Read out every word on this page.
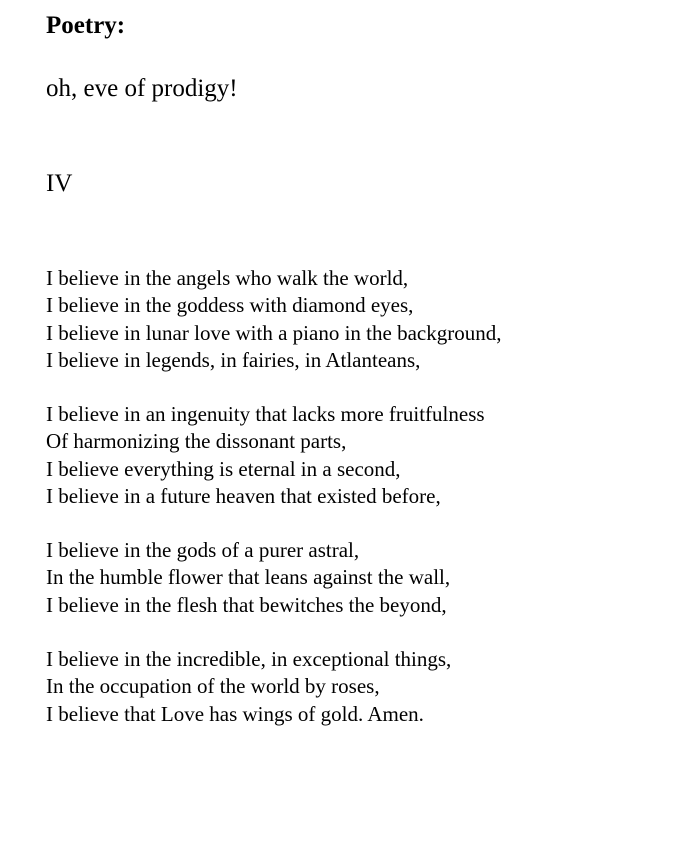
Poetry:
oh, eve of prodigy!
IV
I believe in the angels who walk the world,
I believe in the goddess with diamond eyes,
I believe in lunar love with a piano in the background,
I believe in legends, in fairies, in Atlanteans,
I believe in an ingenuity that lacks more fruitfulness
Of harmonizing the dissonant parts,
I believe everything is eternal in a second,
I believe in a future heaven that existed before,
I believe in the gods of a purer astral,
In the humble flower that leans against the wall,
I believe in the flesh that bewitches the beyond,
I believe in the incredible, in exceptional things,
In the occupation of the world by roses,
I believe that Love has wings of gold. Amen.
